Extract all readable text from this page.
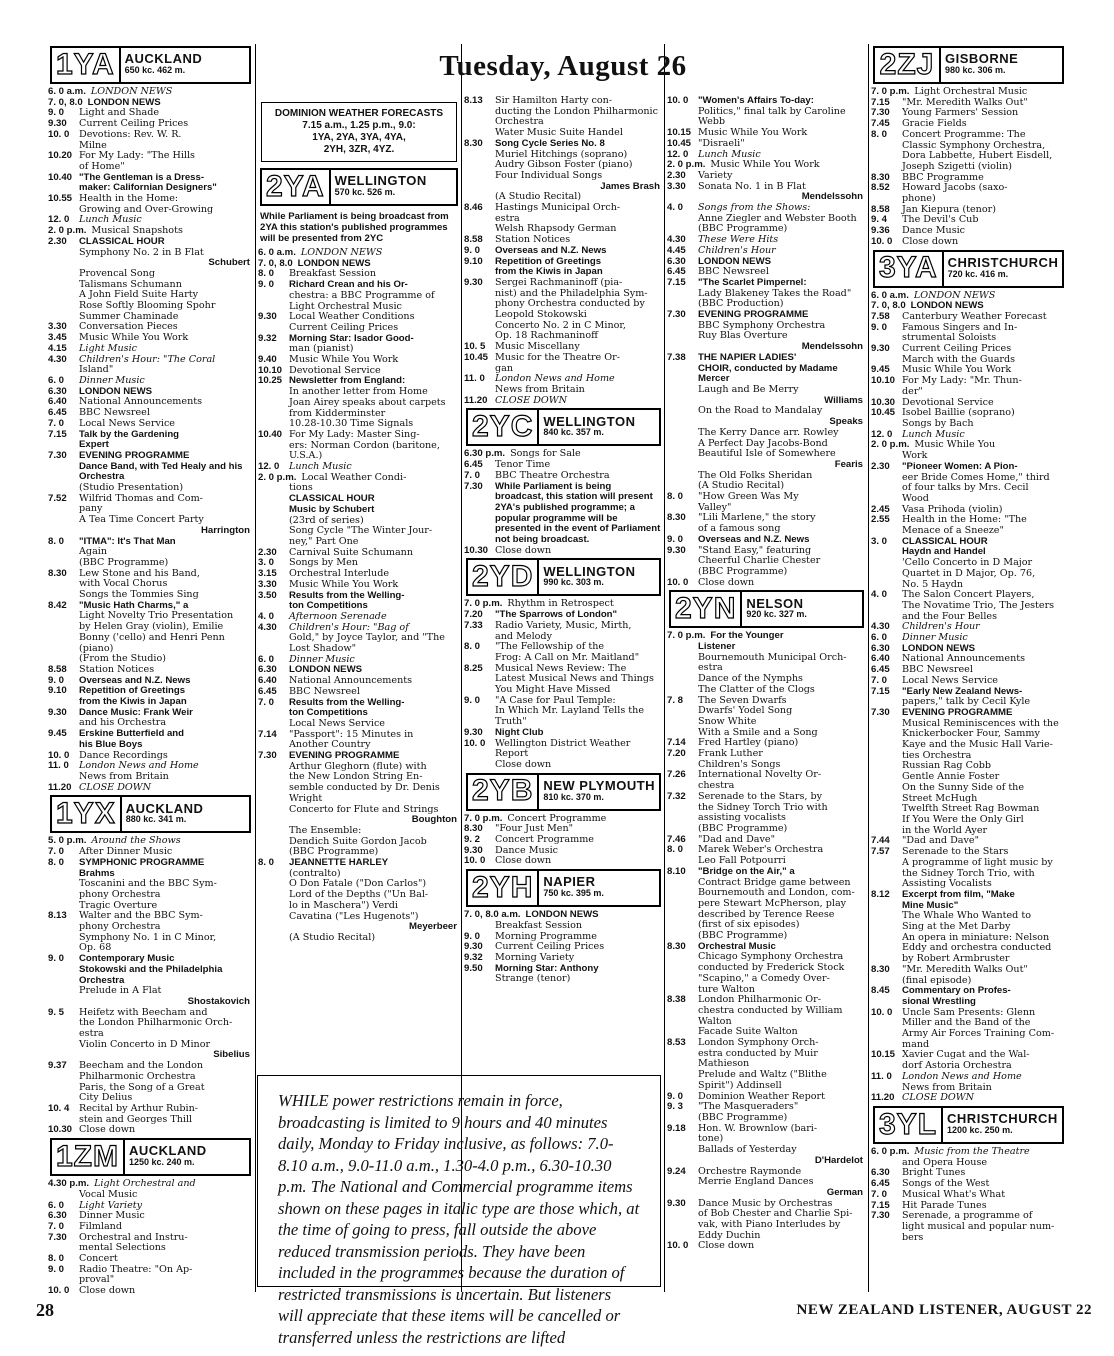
Tuesday, August 26
1YA AUCKLAND
650 kc. 462 m.
6. 0 a.m. LONDON NEWS
7. 0, 8.0 LONDON NEWS
9. 0	Light and Shade
9.30	Current Ceiling Prices
10. 0	Devotions: Rev. W. R.
Milne
10.20 For My Lady: "The Hills
of Home"
10.40 "The Gentleman is a Dress-
maker: Californian Designers"
10.55 Health in the Home:
Growing and Over-Growing
12. 0	Lunch Music
2. 0 p.m. Musical Snapshots
2.30	CLASSICAL HOUR
Symphony No. 2 in B Flat
Schubert
Provencal Song
Talismans Schumann
A John Field Suite Harty
Rose Softly Blooming Spohr
Summer Chaminade
3.30	Conversation Pieces
3.45	Music While You Work
4.15	Light Music
4.30	Children's Hour: "The Coral
Island"
6. 0	Dinner Music
6.30	LONDON NEWS
6.40	National Announcements
6.45	BBC Newsreel
7. 0	Local News Service
7.15	Talk by the Gardening
Expert
7.30	EVENING PROGRAMME
Dance Band, with Ted Healy and his Orchestra
(Studio Presentation)
7.52	Wilfrid Thomas and Com-
pany
A Tea Time Concert Party
Harrington
8. 0	"ITMA": It's That Man
Again
(BBC Programme)
8.30	Lew Stone and his Band,
with Vocal Chorus
Songs the Tommies Sing
8.42	"Music Hath Charms," a
Light Novelty Trio Presentation
by Helen Gray (violin), Emilie
Bonny ('cello) and Henri Penn
(piano)
(From the Studio)
8.58	Station Notices
9. 0	Overseas and N.Z. News
9.10	Repetition of Greetings
from the Kiwis in Japan
9.30	Dance Music: Frank Weir
and his Orchestra
9.45	Erskine Butterfield and
his Blue Boys
10. 0	Dance Recordings
11. 0	London News and Home
News from Britain
11.20 CLOSE DOWN
1YX AUCKLAND
880 kc. 341 m.
5. 0 p.m. Around the Shows
7. 0	After Dinner Music
8. 0	SYMPHONIC PROGRAMME
Brahms
Toscanini and the BBC Sym-
phony Orchestra
Tragic Overture
8.13	Walter and the BBC Sym-
phony Orchestra
Symphony No. 1 in C Minor,
Op. 68
9. 0	Contemporary Music
Stokowski and the Philadelphia Orchestra
Prelude in A Flat
Shostakovich
9. 5	Heifetz with Beecham and
the London Philharmonic Orch-
estra
Violin Concerto in D Minor
Sibelius
9.37	Beecham and the London
Philharmonic Orchestra
Paris, the Song of a Great
City Delius
10. 4	Recital by Arthur Rubin-
stein and Georges Thill
10.30 Close down
1ZM AUCKLAND
1250 kc. 240 m.
4.30 p.m. Light Orchestral and
Vocal Music
6. 0	Light Variety
6.30	Dinner Music
7. 0	Filmland
7.30	Orchestral and Instru-
mental Selections
8. 0	Concert
9. 0	Radio Theatre: "On Ap-
proval"
10. 0	Close down
DOMINION WEATHER FORECASTS
7.15 a.m., 1.25 p.m., 9.0:
1YA, 2YA, 3YA, 4YA,
2YH, 3ZR, 4YZ.
2YA WELLINGTON
570 kc. 526 m.
While Parliament is being broadcast from 2YA this station's published programmes will be presented from 2YC
6. 0 a.m. LONDON NEWS
7. 0, 8.0 LONDON NEWS
8. 0	Breakfast Session
9. 0	Richard Crean and his Or-
chestra: a BBC Programme of
Light Orchestral Music
9.30	Local Weather Conditions
Current Ceiling Prices
9.32	Morning Star: Isador Good-
man (pianist)
9.40	Music While You Work
10.10 Devotional Service
10.25 Newsletter from England:
In another letter from Home
Joan Airey speaks about carpets
from Kidderminster
10.28-10.30 Time Signals
10.40 For My Lady: Master Sing-
ers: Norman Cordon (baritone,
U.S.A.)
12. 0	Lunch Music
2. 0 p.m. Local Weather Condi-
tions
CLASSICAL HOUR
Music by Schubert
(23rd of series)
Song Cycle "The Winter Jour-
ney," Part One
2.30	Carnival Suite Schumann
3. 0	Songs by Men
3.15	Orchestral Interlude
3.30	Music While You Work
3.50	Results from the Welling-
ton Competitions
4. 0	Afternoon Serenade
4.30	Children's Hour: "Bag of
Gold," by Joyce Taylor, and "The
Lost Shadow"
6. 0	Dinner Music
6.30	LONDON NEWS
6.40	National Announcements
6.45	BBC Newsreel
7. 0	Results from the Welling-
ton Competitions
Local News Service
7.14	"Passport": 15 Minutes in
Another Country
7.30	EVENING PROGRAMME
Arthur Gleghorn (flute) with
the New London String En-
semble conducted by Dr. Denis
Wright
Concerto for Flute and Strings
Boughton
The Ensemble:
Dendich Suite Gordon Jacob
(BBC Programme)
8. 0	JEANNETTE HARLEY
(contralto)
O Don Fatale ("Don Carlos")
Lord of the Depths ("Un Bal-
lo in Maschera") Verdi
Cavatina ("Les Hugenots")
Meyerbeer
(A Studio Recital)
8.13	Sir Hamilton Harty con-
ducting the London Philharmonic
Orchestra
Water Music Suite Handel
8.30	Song Cycle Series No. 8
Muriel Hitchings (soprano)
Audry Gibson Foster (piano)
Four Individual Songs
James Brash
(A Studio Recital)
8.46	Hastings Municipal Orch-
estra
Welsh Rhapsody German
8.58	Station Notices
9. 0	Overseas and N.Z. News
9.10	Repetition of Greetings
from the Kiwis in Japan
9.30	Sergei Rachmaninoff (pia-
nist) and the Philadelphia Sym-
phony Orchestra conducted by
Leopold Stokowski
Concerto No. 2 in C Minor,
Op. 18 Rachmaninoff
10. 5	Music Miscellany
10.45 Music for the Theatre Or-
gan
11. 0	London News and Home
News from Britain
11.20 CLOSE DOWN
2YC WELLINGTON
840 kc. 357 m.
6.30 p.m. Songs for Sale
6.45	Tenor Time
7. 0	BBC Theatre Orchestra
7.30	While Parliament is being
broadcast, this station will present 2YA's published programme; a popular programme will be presented in the event of Parliament not being broadcast.
10.30 Close down
2YD WELLINGTON
990 kc. 303 m.
7. 0 p.m. Rhythm in Retrospect
7.20	"The Sparrows of London"
7.33	Radio Variety, Music, Mirth,
and Melody
8. 0	"The Fellowship of the
Frog: A Call on Mr. Maitland"
8.25	Musical News Review: The
Latest Musical News and Things
You Might Have Missed
9. 0	"A Case for Paul Temple:
In Which Mr. Layland Tells the
Truth"
9.30	Night Club
10. 0	Wellington District Weather
Report
Close down
2YB NEW PLYMOUTH
810 kc. 370 m.
7. 0 p.m. Concert Programme
8.30	"Four Just Men"
9. 2	Concert Programme
9.30	Dance Music
10. 0	Close down
2YH NAPIER
750 kc. 395 m.
7. 0, 8.0 a.m. LONDON NEWS
Breakfast Session
9. 0	Morning Programme
9.30	Current Ceiling Prices
9.32	Morning Variety
9.50	Morning Star: Anthony
Strange (tenor)
10. 0	"Women's Affairs To-day:
Politics," final talk by Caroline
Webb
10.15 Music While You Work
10.45 "Disraeli"
12. 0	Lunch Music
2. 0 p.m. Music While You Work
2.30	Variety
3.30	Sonata No. 1 in B Flat
Mendelssohn
4. 0	Songs from the Shows:
Anne Ziegler and Webster Booth
(BBC Programme)
4.30	These Were Hits
4.45	Children's Hour
6.30	LONDON NEWS
6.45	BBC Newsreel
7.15	"The Scarlet Pimpernel:
Lady Blakeney Takes the Road"
(BBC Production)
7.30	EVENING PROGRAMME
BBC Symphony Orchestra
Ruy Blas Overture
Mendelssohn
7.38	THE NAPIER LADIES'
CHOIR, conducted by Madame Mercer
Laugh and Be Merry
Williams
On the Road to Mandalay
Speaks
The Kerry Dance arr. Rowley
A Perfect Day Jacobs-Bond
Beautiful Isle of Somewhere
Fearis
The Old Folks Sheridan
(A Studio Recital)
8. 0	"How Green Was My
Valley"
8.30	"Lili Marlene," the story
of a famous song
9. 0	Overseas and N.Z. News
9.30	"Stand Easy," featuring
Cheerful Charlie Chester
(BBC Programme)
10. 0	Close down
2YN NELSON
920 kc. 327 m.
7. 0 p.m. For the Younger
Listener
Bournemouth Municipal Orch-
estra
Dance of the Nymphs
The Clatter of the Clogs
7. 8	The Seven Dwarfs
Dwarfs' Yodel Song
Snow White
With a Smile and a Song
7.14	Fred Hartley (piano)
7.20	Frank Luther
Children's Songs
7.26	International Novelty Or-
chestra
7.32	Serenade to the Stars, by
the Sidney Torch Trio with
assisting vocalists
(BBC Programme)
7.46	"Dad and Dave"
8. 0	Marek Weber's Orchestra
Leo Fall Potpourri
8.10	"Bridge on the Air," a
Contract Bridge game between
Bournemouth and London, com-
pere Stewart McPherson, play
described by Terence Reese
(first of six episodes)
(BBC Programme)
8.30	Orchestral Music
Chicago Symphony Orchestra
conducted by Frederick Stock
"Scapino," a Comedy Over-
ture Walton
8.38	London Philharmonic Or-
chestra conducted by William
Walton
Facade Suite Walton
8.53	London Symphony Orch-
estra conducted by Muir
Mathieson
Prelude and Waltz ("Blithe
Spirit") Addinsell
9. 0	Dominion Weather Report
9. 3	"The Masqueraders"
(BBC Programme)
9.18	Hon. W. Brownlow (bari-
tone)
Ballads of Yesterday
D'Hardelot
9.24	Orchestre Raymonde
Merrie England Dances
German
9.30	Dance Music by Orchestras
of Bob Chester and Charlie Spi-
vak, with Piano Interludes by
Eddy Duchin
10. 0	Close down
2ZJ GISBORNE
980 kc. 306 m.
7. 0 p.m. Light Orchestral Music
7.15	"Mr. Meredith Walks Out"
7.30	Young Farmers' Session
7.45	Gracie Fields
8. 0	Concert Programme: The
Classic Symphony Orchestra,
Dora Labbette, Hubert Eisdell,
Joseph Szigetti (violin)
8.30	BBC Programme
8.52	Howard Jacobs (saxo-
phone)
8.58	Jan Kiepura (tenor)
9. 4	The Devil's Cub
9.36	Dance Music
10. 0	Close down
3YA CHRISTCHURCH
720 kc. 416 m.
6. 0 a.m. LONDON NEWS
7. 0, 8.0 LONDON NEWS
7.58	Canterbury Weather Forecast
9. 0	Famous Singers and In-
strumental Soloists
9.30	Current Ceiling Prices
March with the Guards
9.45	Music While You Work
10.10 For My Lady: "Mr. Thun-
der"
10.30 Devotional Service
10.45 Isobel Baillie (soprano)
Songs by Bach
12. 0	Lunch Music
2. 0 p.m. Music While You
Work
2.30	"Pioneer Women: A Pion-
eer Bride Comes Home," third
of four talks by Mrs. Cecil
Wood
2.45	Vasa Prihoda (violin)
2.55	Health in the Home: "The
Menace of a Sneeze"
3. 0	CLASSICAL HOUR
Haydn and Handel
'Cello Concerto in D Major
Quartet in D Major, Op. 76,
No. 5 Haydn
4. 0	The Salon Concert Players,
The Novatime Trio, The Jesters
and the Four Belles
4.30	Children's Hour
6. 0	Dinner Music
6.30	LONDON NEWS
6.40	National Announcements
6.45	BBC Newsreel
7. 0	Local News Service
7.15	"Early New Zealand News-
papers," talk by Cecil Kyle
7.30	EVENING PROGRAMME
Musical Reminiscences with the
Knickerbocker Four, Sammy
Kaye and the Music Hall Varie-
ties Orchestra
Russian Rag Cobb
Gentle Annie Foster
On the Sunny Side of the
Street McHugh
Twelfth Street Rag Bowman
If You Were the Only Girl
in the World Ayer
7.44	"Dad and Dave"
7.57	Serenade to the Stars
A programme of light music by
the Sidney Torch Trio, with
Assisting Vocalists
8.12	Excerpt from film, "Make
Mine Music"
The Whale Who Wanted to
Sing at the Met Darby
An opera in miniature: Nelson
Eddy and orchestra conducted
by Robert Armbruster
8.30	"Mr. Meredith Walks Out"
(final episode)
8.45	Commentary on Profes-
sional Wrestling
10. 0	Uncle Sam Presents: Glenn
Miller and the Band of the
Army Air Forces Training Com-
mand
10.15 Xavier Cugat and the Wal-
dorf Astoria Orchestra
11. 0	London News and Home
News from Britain
11.20 CLOSE DOWN
3YL CHRISTCHURCH
1200 kc. 250 m.
6. 0 p.m. Music from the Theatre
and Opera House
6.30	Bright Tunes
6.45	Songs of the West
7. 0	Musical What's What
7.15	Hit Parade Tunes
7.30	Serenade, a programme of
light musical and popular num-
bers
WHILE power restrictions remain in force, broadcasting is limited to 9 hours and 40 minutes daily, Monday to Friday inclusive, as follows: 7.0-8.10 a.m., 9.0-11.0 a.m., 1.30-4.0 p.m., 6.30-10.30 p.m. The National and Commercial programme items shown on these pages in italic type are those which, at the time of going to press, fall outside the above reduced transmission periods. They have been included in the programmes because the duration of restricted transmissions is uncertain. But listeners will appreciate that these items will be cancelled or transferred unless the restrictions are lifted
28	NEW ZEALAND LISTENER, AUGUST 22
